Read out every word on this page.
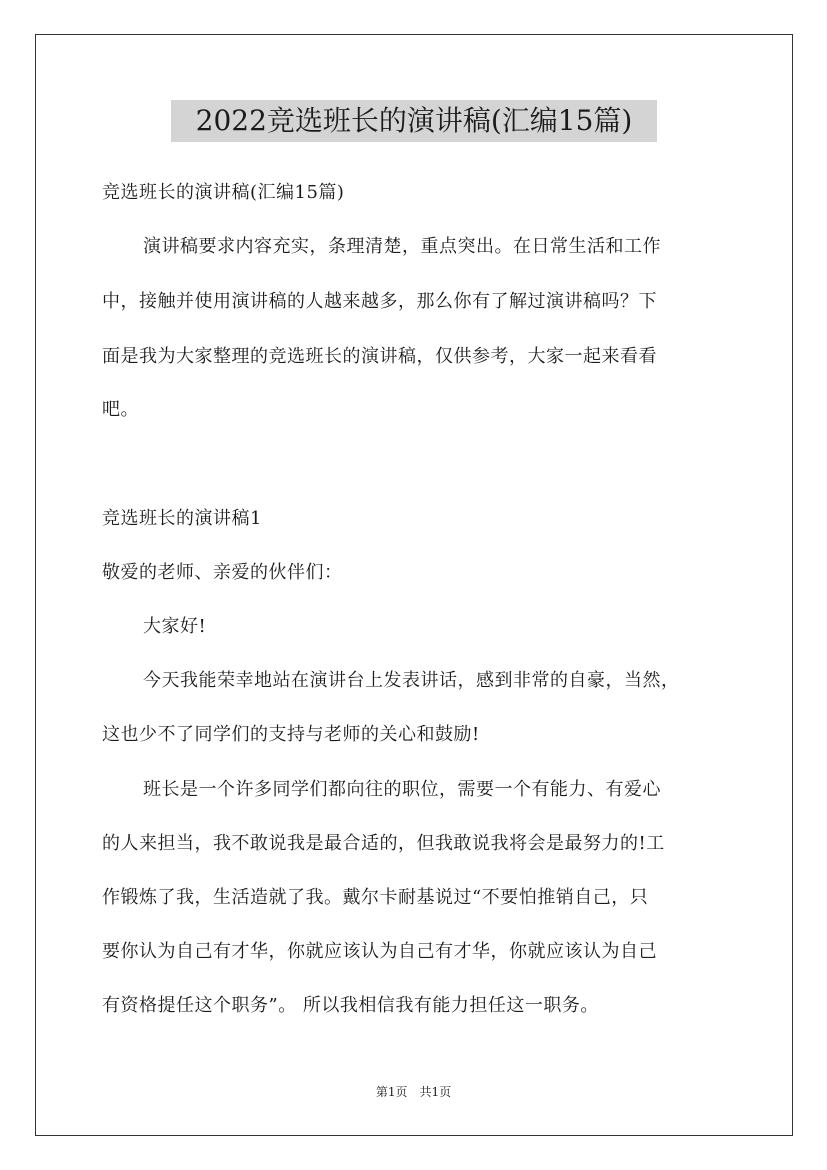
2022竞选班长的演讲稿(汇编15篇)
竞选班长的演讲稿(汇编15篇)
演讲稿要求内容充实，条理清楚，重点突出。在日常生活和工作
中，接触并使用演讲稿的人越来越多，那么你有了解过演讲稿吗？下
面是我为大家整理的竞选班长的演讲稿，仅供参考，大家一起来看看
吧。
竞选班长的演讲稿1
敬爱的老师、亲爱的伙伴们：
大家好!
今天我能荣幸地站在演讲台上发表讲话，感到非常的自豪，当然，
这也少不了同学们的支持与老师的关心和鼓励!
班长是一个许多同学们都向往的职位，需要一个有能力、有爱心
的人来担当，我不敢说我是最合适的，但我敢说我将会是最努力的!工
作锻炼了我，生活造就了我。戴尔卡耐基说过“不要怕推销自己，只
要你认为自己有才华，你就应该认为自己有才华，你就应该认为自己
有资格提任这个职务”。 所以我相信我有能力担任这一职务。
第1页　共1页
